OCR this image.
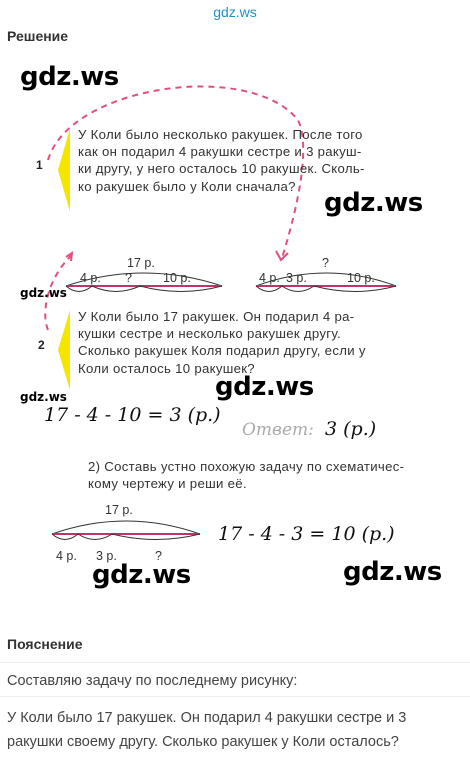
gdz.ws
Решение
1
У Коли было несколько ракушек. После того
как он подарил 4 ракушки сестре и 3 ракуш-
ки другу, у него осталось 10 ракушек. Сколь-
ко ракушек было у Коли сначала?
17 р.
4 р. ? 10 р.
?
4 р. 3 р.	10 р.
2
У Коли было 17 ракушек. Он подарил 4 ра-
кушки сестре и несколько ракушек другу.
Сколько ракушек Коля подарил другу, если у
Коли осталось 10 ракушек?
17 - 4 - 10 = 3 (р.)
Ответ: 3 (р.)
2) Составь устно похожую задачу по схематичес-
кому чертежу и реши её.
17 р.
4 р. 3 р.	?
17 - 4 - 3 = 10 (р.)
gdz.ws
gdz.ws
gdz.ws
gdz.ws
gdz.ws
gdz.ws	gdz.ws
Пояснение
Составляю задачу по последнему рисунку:
У Коли было 17 ракушек. Он подарил 4 ракушки сестре и 3
ракушки своему другу. Сколько ракушек у Коли осталось?
